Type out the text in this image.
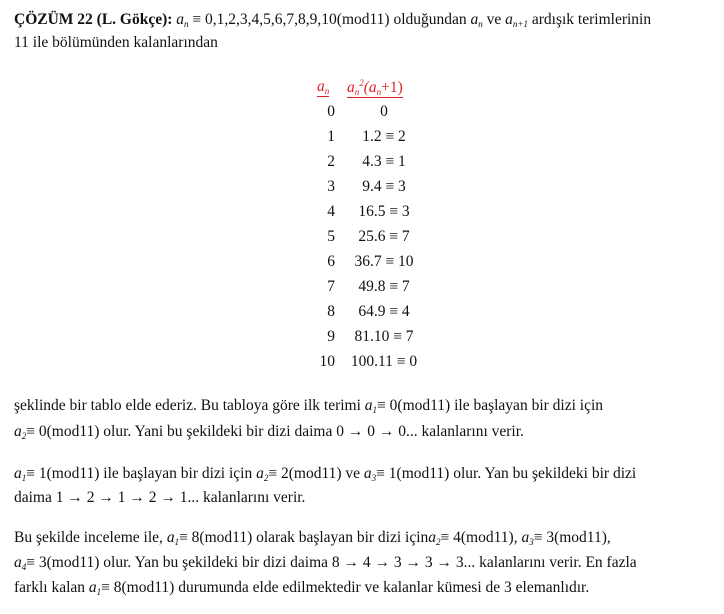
ÇÖZÜM 22 (L. Gökçe): $a_n \equiv 0,1,2,3,4,5,6,7,8,9,10(mod11)$ olduğundan $a_n$ ve $a_{n+1}$ ardışık terimlerinin
11 ile bölümünden kalanlarından
$a_n$ $a_n^2(a_n+1)$
0	0
1	1.2 ≡ 2
2	4.3 ≡ 1
3	9.4 ≡ 3
4	16.5 ≡ 3
5	25.6 ≡ 7
6 36.7 ≡ 10
7	49.8 ≡ 7
8	64.9 ≡ 4
9 81.10 ≡ 7
10 100.11 ≡ 0
şeklinde bir tablo elde ederiz. Bu tabloya göre ilk terimi $a_1\equiv 0(mod11)$ ile başlayan bir dizi için
$a_2\equiv 0(mod11)$ olur. Yani bu şekildeki bir dizi daima 0 → 0 → 0... kalanlarını verir.
$a_1\equiv 1(mod11)$ ile başlayan bir dizi için $a_2\equiv 2(mod11)$ ve $a_3\equiv 1(mod11)$ olur. Yan bu şekildeki bir dizi
daima 1 → 2 → 1 → 2 → 1... kalanlarını verir.
Bu şekilde inceleme ile, $a_1\equiv 8(mod11)$ olarak başlayan bir dizi içina$_2$≡ 4(mod11), $a_3\equiv 3(mod11)$,
$a_4\equiv 3(mod11)$ olur. Yan bu şekildeki bir dizi daima 8 → 4 → 3 → 3 → 3... kalanlarını verir. En fazla
farklı kalan $a_1\equiv 8(mod11)$ durumunda elde edilmektedir ve kalanlar kümesi de 3 elemanlıdır.
